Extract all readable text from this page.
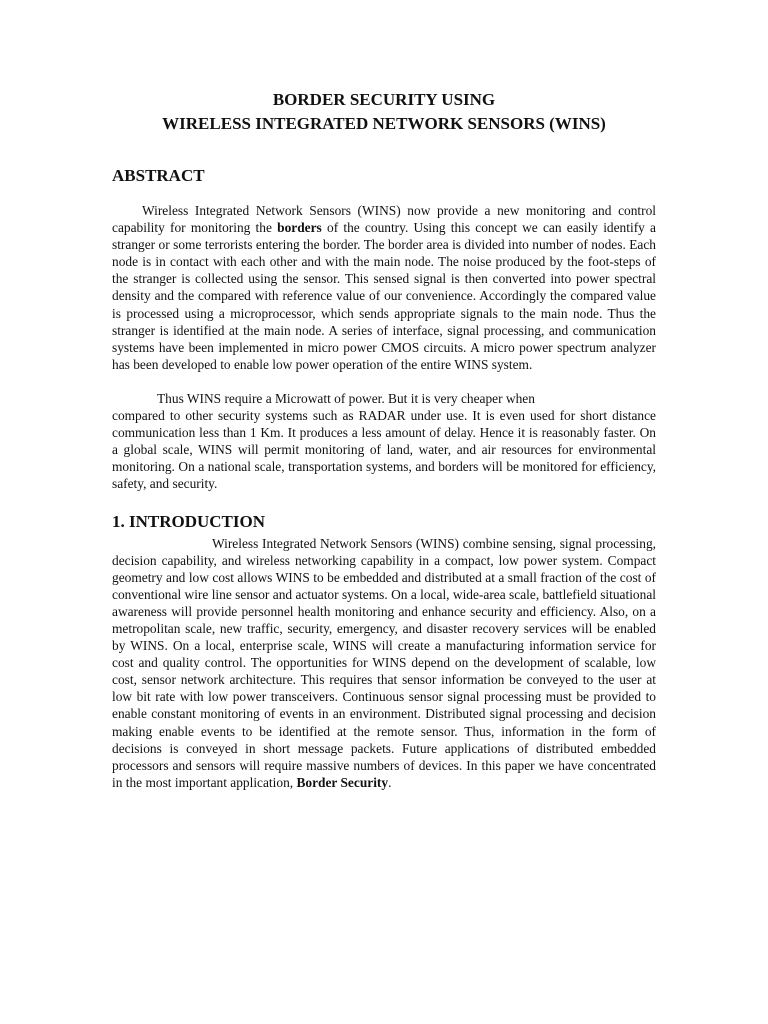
BORDER SECURITY USING
WIRELESS INTEGRATED NETWORK SENSORS (WINS)

ABSTRACT

Wireless Integrated Network Sensors (WINS) now provide a new monitoring and control capability for monitoring the borders of the country. Using this concept we can easily identify a stranger or some terrorists entering the border. The border area is divided into number of nodes. Each node is in contact with each other and with the main node. The noise produced by the foot-steps of the stranger is collected using the sensor. This sensed signal is then converted into power spectral density and the compared with reference value of our convenience. Accordingly the compared value is processed using a microprocessor, which sends appropriate signals to the main node. Thus the stranger is identified at the main node. A series of interface, signal processing, and communication systems have been implemented in micro power CMOS circuits. A micro power spectrum analyzer has been developed to enable low power operation of the entire WINS system.

Thus WINS require a Microwatt of power. But it is very cheaper when

compared to other security systems such as RADAR under use. It is even used for short distance communication less than 1 Km. It produces a less amount of delay. Hence it is reasonably faster. On a global scale, WINS will permit monitoring of land, water, and air resources for environmental monitoring. On a national scale, transportation systems, and borders will be monitored for efficiency, safety, and security.

1. INTRODUCTION

Wireless Integrated Network Sensors (WINS) combine sensing, signal processing, decision capability, and wireless networking capability in a compact, low power system. Compact geometry and low cost allows WINS to be embedded and distributed at a small fraction of the cost of conventional wire line sensor and actuator systems. On a local, wide-area scale, battlefield situational awareness will provide personnel health monitoring and enhance security and efficiency. Also, on a metropolitan scale, new traffic, security, emergency, and disaster recovery services will be enabled by WINS. On a local, enterprise scale, WINS will create a manufacturing information service for cost and quality control. The opportunities for WINS depend on the development of scalable, low cost, sensor network architecture. This requires that sensor information be conveyed to the user at low bit rate with low power transceivers. Continuous sensor signal processing must be provided to enable constant monitoring of events in an environment. Distributed signal processing and decision making enable events to be identified at the remote sensor. Thus, information in the form of decisions is conveyed in short message packets. Future applications of distributed embedded processors and sensors will require massive numbers of devices. In this paper we have concentrated in the most important application, Border Security.
